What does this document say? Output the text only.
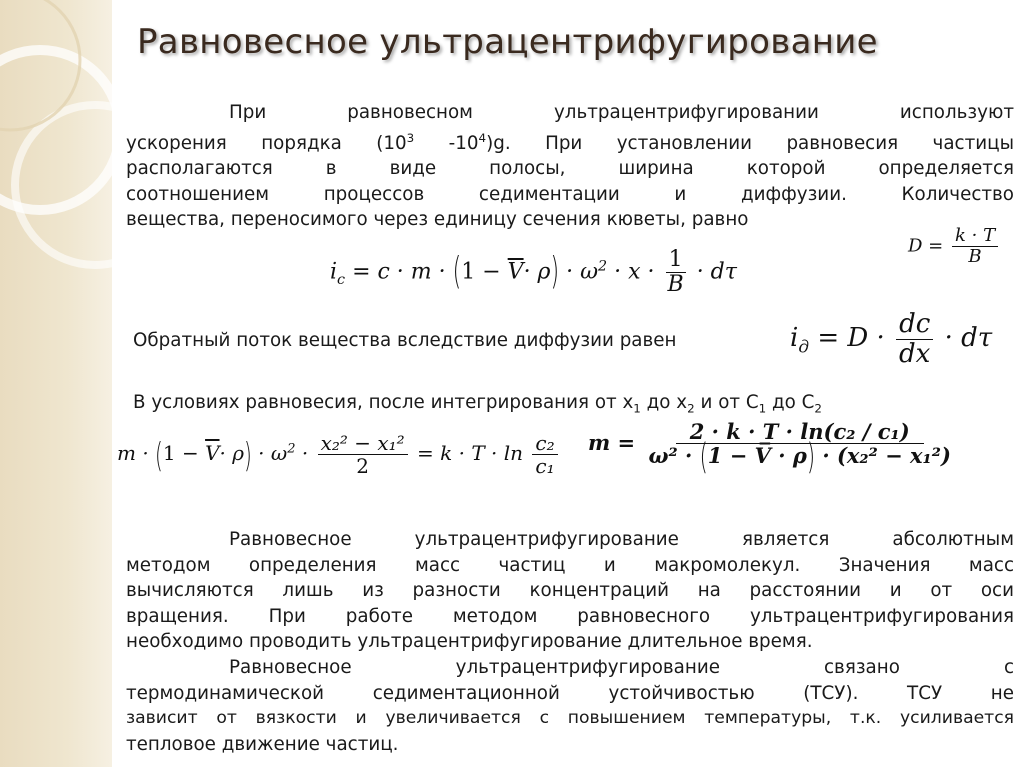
Равновесное ультрацентрифугирование
При равновесном ультрацентрифугировании используют
ускорения порядка ($10^3$ $-10^4)g$. При установлении равновесия частицы
располагаются в виде полосы, ширина которой определяется
соотношением процессов седиментации и диффузии. Количество
вещества, переносимого через единицу сечения кюветы, равно
$D = \frac{k \cdot T}{B}$
$i_c = c \cdot m \cdot (1 - \overline{V}\cdot \rho) \cdot \omega^2 \cdot x \cdot \frac{1}{B} \cdot d\tau$
Обратный поток вещества вследствие диффузии равен	$i_д = D \cdot \frac{dc}{dx} \cdot d\tau$
В условиях равновесия, после интегрирования от $х_1$ до $х_2$ и от $С_1$ до $С_2$
$m \cdot (1 - \overline{V}\cdot \rho) \cdot \omega^2 \cdot \frac{\text{x₂² − x₁²}}{2} = k \cdot T \cdot \ln \frac{\text{c₂}}{\text{c₁}}$ $m = \frac{\text{2 · k · T · ln(c₂ / c₁)}}{\text{ω² · (1 − V̅ · ρ) · (x₂² − x₁²)}}$
Равновесное ультрацентрифугирование является абсолютным
методом определения масс частиц и макромолекул. Значения масс
вычисляются лишь из разности концентраций на расстоянии и от оси
вращения. При работе методом равновесного ультрацентрифугирования
необходимо проводить ультрацентрифугирование длительное время.
Равновесное ультрацентрифугирование связано с
термодинамической седиментационной устойчивостью (ТСУ). ТСУ не
зависит от вязкости и увеличивается с повышением температуры, т.к. усиливается
тепловое движение частиц.
